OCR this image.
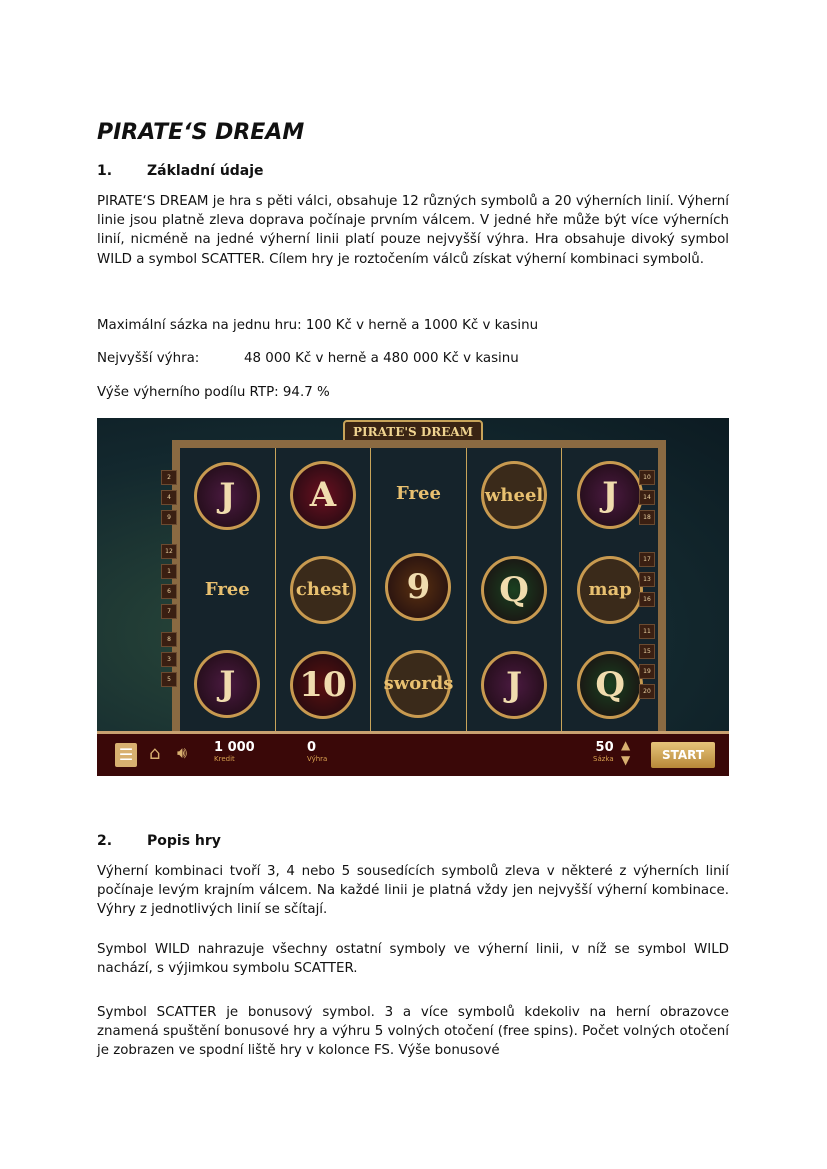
PIRATE‘S DREAM
1. Základní údaje
PIRATE‘S DREAM je hra s pěti válci, obsahuje 12 různých symbolů a 20 výherních linií. Výherní linie jsou platně zleva doprava počínaje prvním válcem. V jedné hře může být více výherních linií, nicméně na jedné výherní linii platí pouze nejvyšší výhra. Hra obsahuje divoký symbol WILD a symbol SCATTER. Cílem hry je roztočením válců získat výherní kombinaci symbolů.
Maximální sázka na jednu hru: 100 Kč v herně a 1000 Kč v kasinu
Nejvyšší výhra:	48 000 Kč v herně a 480 000 Kč v kasinu
Výše výherního podílu RTP: 94.7 %
PIRATE'S DREAM
J
Free
J
A
chest
10
Free
9
swords
wheel
Q
J
J
map
Q
2
4
9
12
1
6
7
8
3
5
10
14
18
17
13
16
11
15
19
20
☰ ⌂ 🔊︎ 1 000
Kredit
0
Výhra
50
Sázka
▲
▼	START
2. Popis hry
Výherní kombinaci tvoří 3, 4 nebo 5 sousedících symbolů zleva v některé z výherních linií počínaje levým krajním válcem. Na každé linii je platná vždy jen nejvyšší výherní kombinace. Výhry z jednotlivých linií se sčítají.
Symbol WILD nahrazuje všechny ostatní symboly ve výherní linii, v níž se symbol WILD nachází, s výjimkou symbolu SCATTER.
Symbol SCATTER je bonusový symbol. 3 a více symbolů kdekoliv na herní obrazovce znamená spuštění bonusové hry a výhru 5 volných otočení (free spins). Počet volných otočení je zobrazen ve spodní liště hry v kolonce FS. Výše bonusové
